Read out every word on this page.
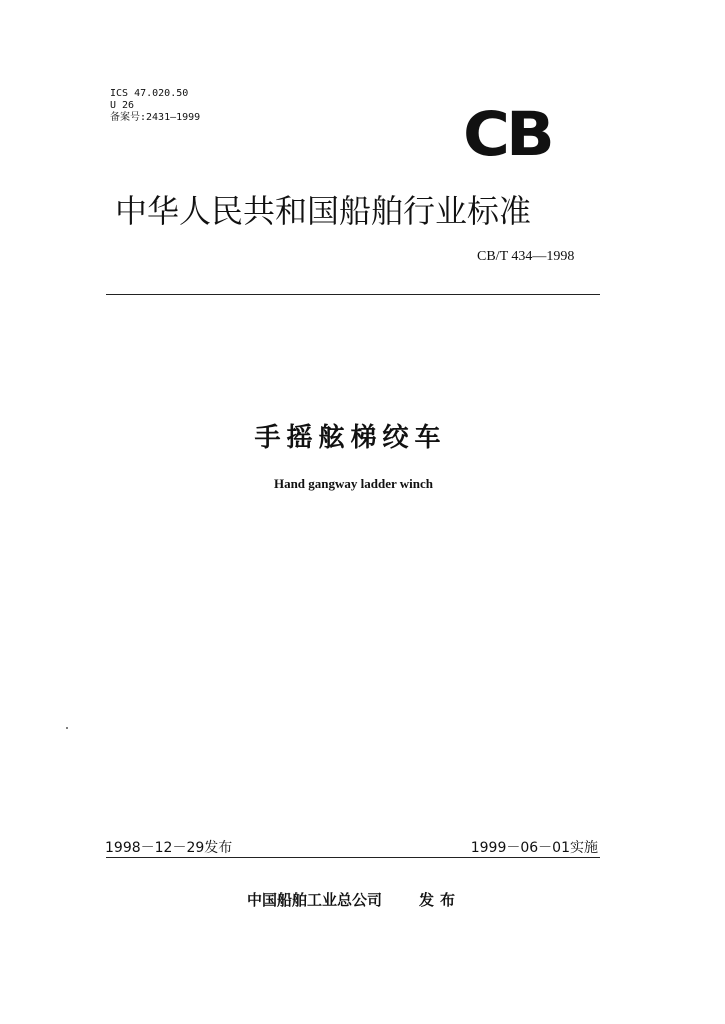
ICS 47.020.50
U 26
备案号:2431—1999	CB
中华人民共和国船舶行业标准
CB/T 434—1998
手摇舷梯绞车
Hand gangway ladder winch
1998－12－29发布	1999－06－01实施
中国船舶工业总公司 发布
